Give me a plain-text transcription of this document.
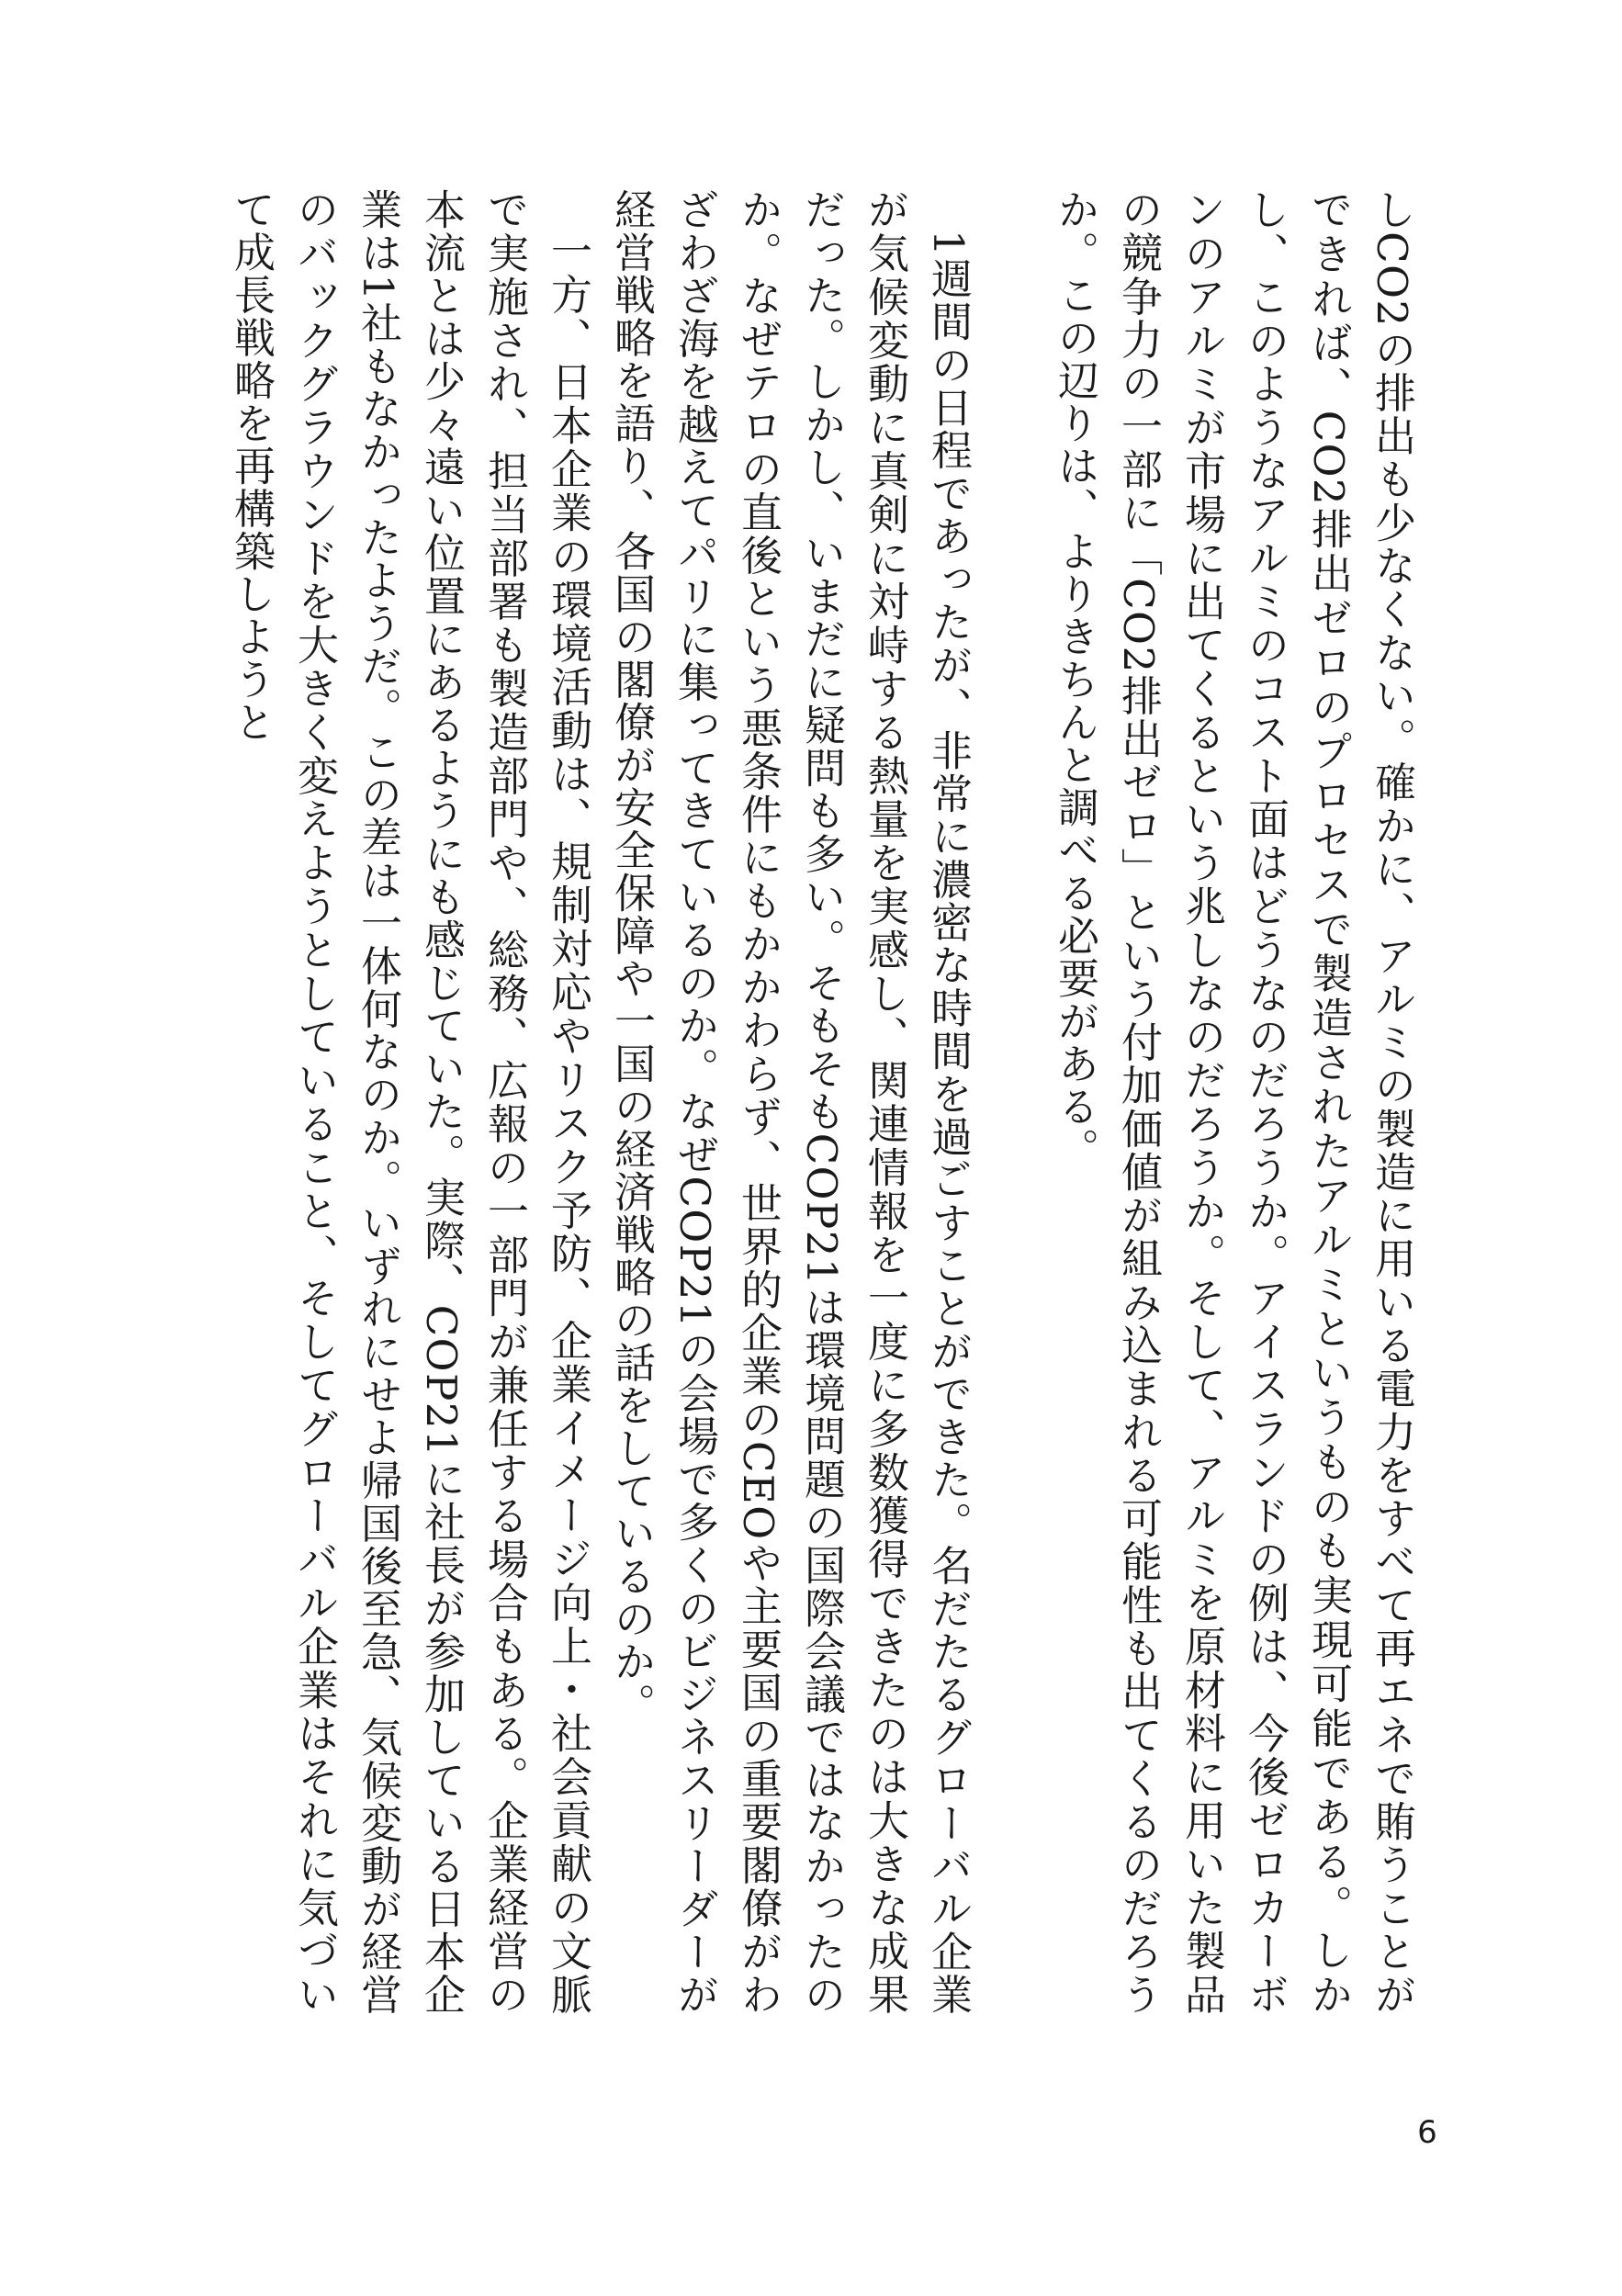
しCO2の排出も少なくない。確かに、アルミの製造に用いる電力をすべて再エネで賄うことができれば、CO2排出ゼロのプロセスで製造されたアルミというものも実現可能である。しかし、このようなアルミのコスト面はどうなのだろうか。アイスランドの例は、今後ゼロカーボンのアルミが市場に出てくるという兆しなのだろうか。そして、アルミを原材料に用いた製品の競争力の一部に「CO2排出ゼロ」という付加価値が組み込まれる可能性も出てくるのだろうか。この辺りは、よりきちんと調べる必要がある。

1週間の日程であったが、非常に濃密な時間を過ごすことができた。名だたるグローバル企業が気候変動に真剣に対峙する熱量を実感し、関連情報を一度に多数獲得できたのは大きな成果だった。しかし、いまだに疑問も多い。そもそもCOP21は環境問題の国際会議ではなかったのか。なぜテロの直後という悪条件にもかかわらず、世界的企業のCEOや主要国の重要閣僚がわざわざ海を越えてパリに集ってきているのか。なぜCOP21の会場で多くのビジネスリーダーが経営戦略を語り、各国の閣僚が安全保障や一国の経済戦略の話をしているのか。

一方、日本企業の環境活動は、規制対応やリスク予防、企業イメージ向上・社会貢献の文脈で実施され、担当部署も製造部門や、総務、広報の一部門が兼任する場合もある。企業経営の本流とは少々遠い位置にあるようにも感じていた。実際、COP21に社長が参加している日本企業は1社もなかったようだ。この差は一体何なのか。いずれにせよ帰国後至急、気候変動が経営のバックグラウンドを大きく変えようとしていること、そしてグローバル企業はそれに気づいて成長戦略を再構築しようと

6
